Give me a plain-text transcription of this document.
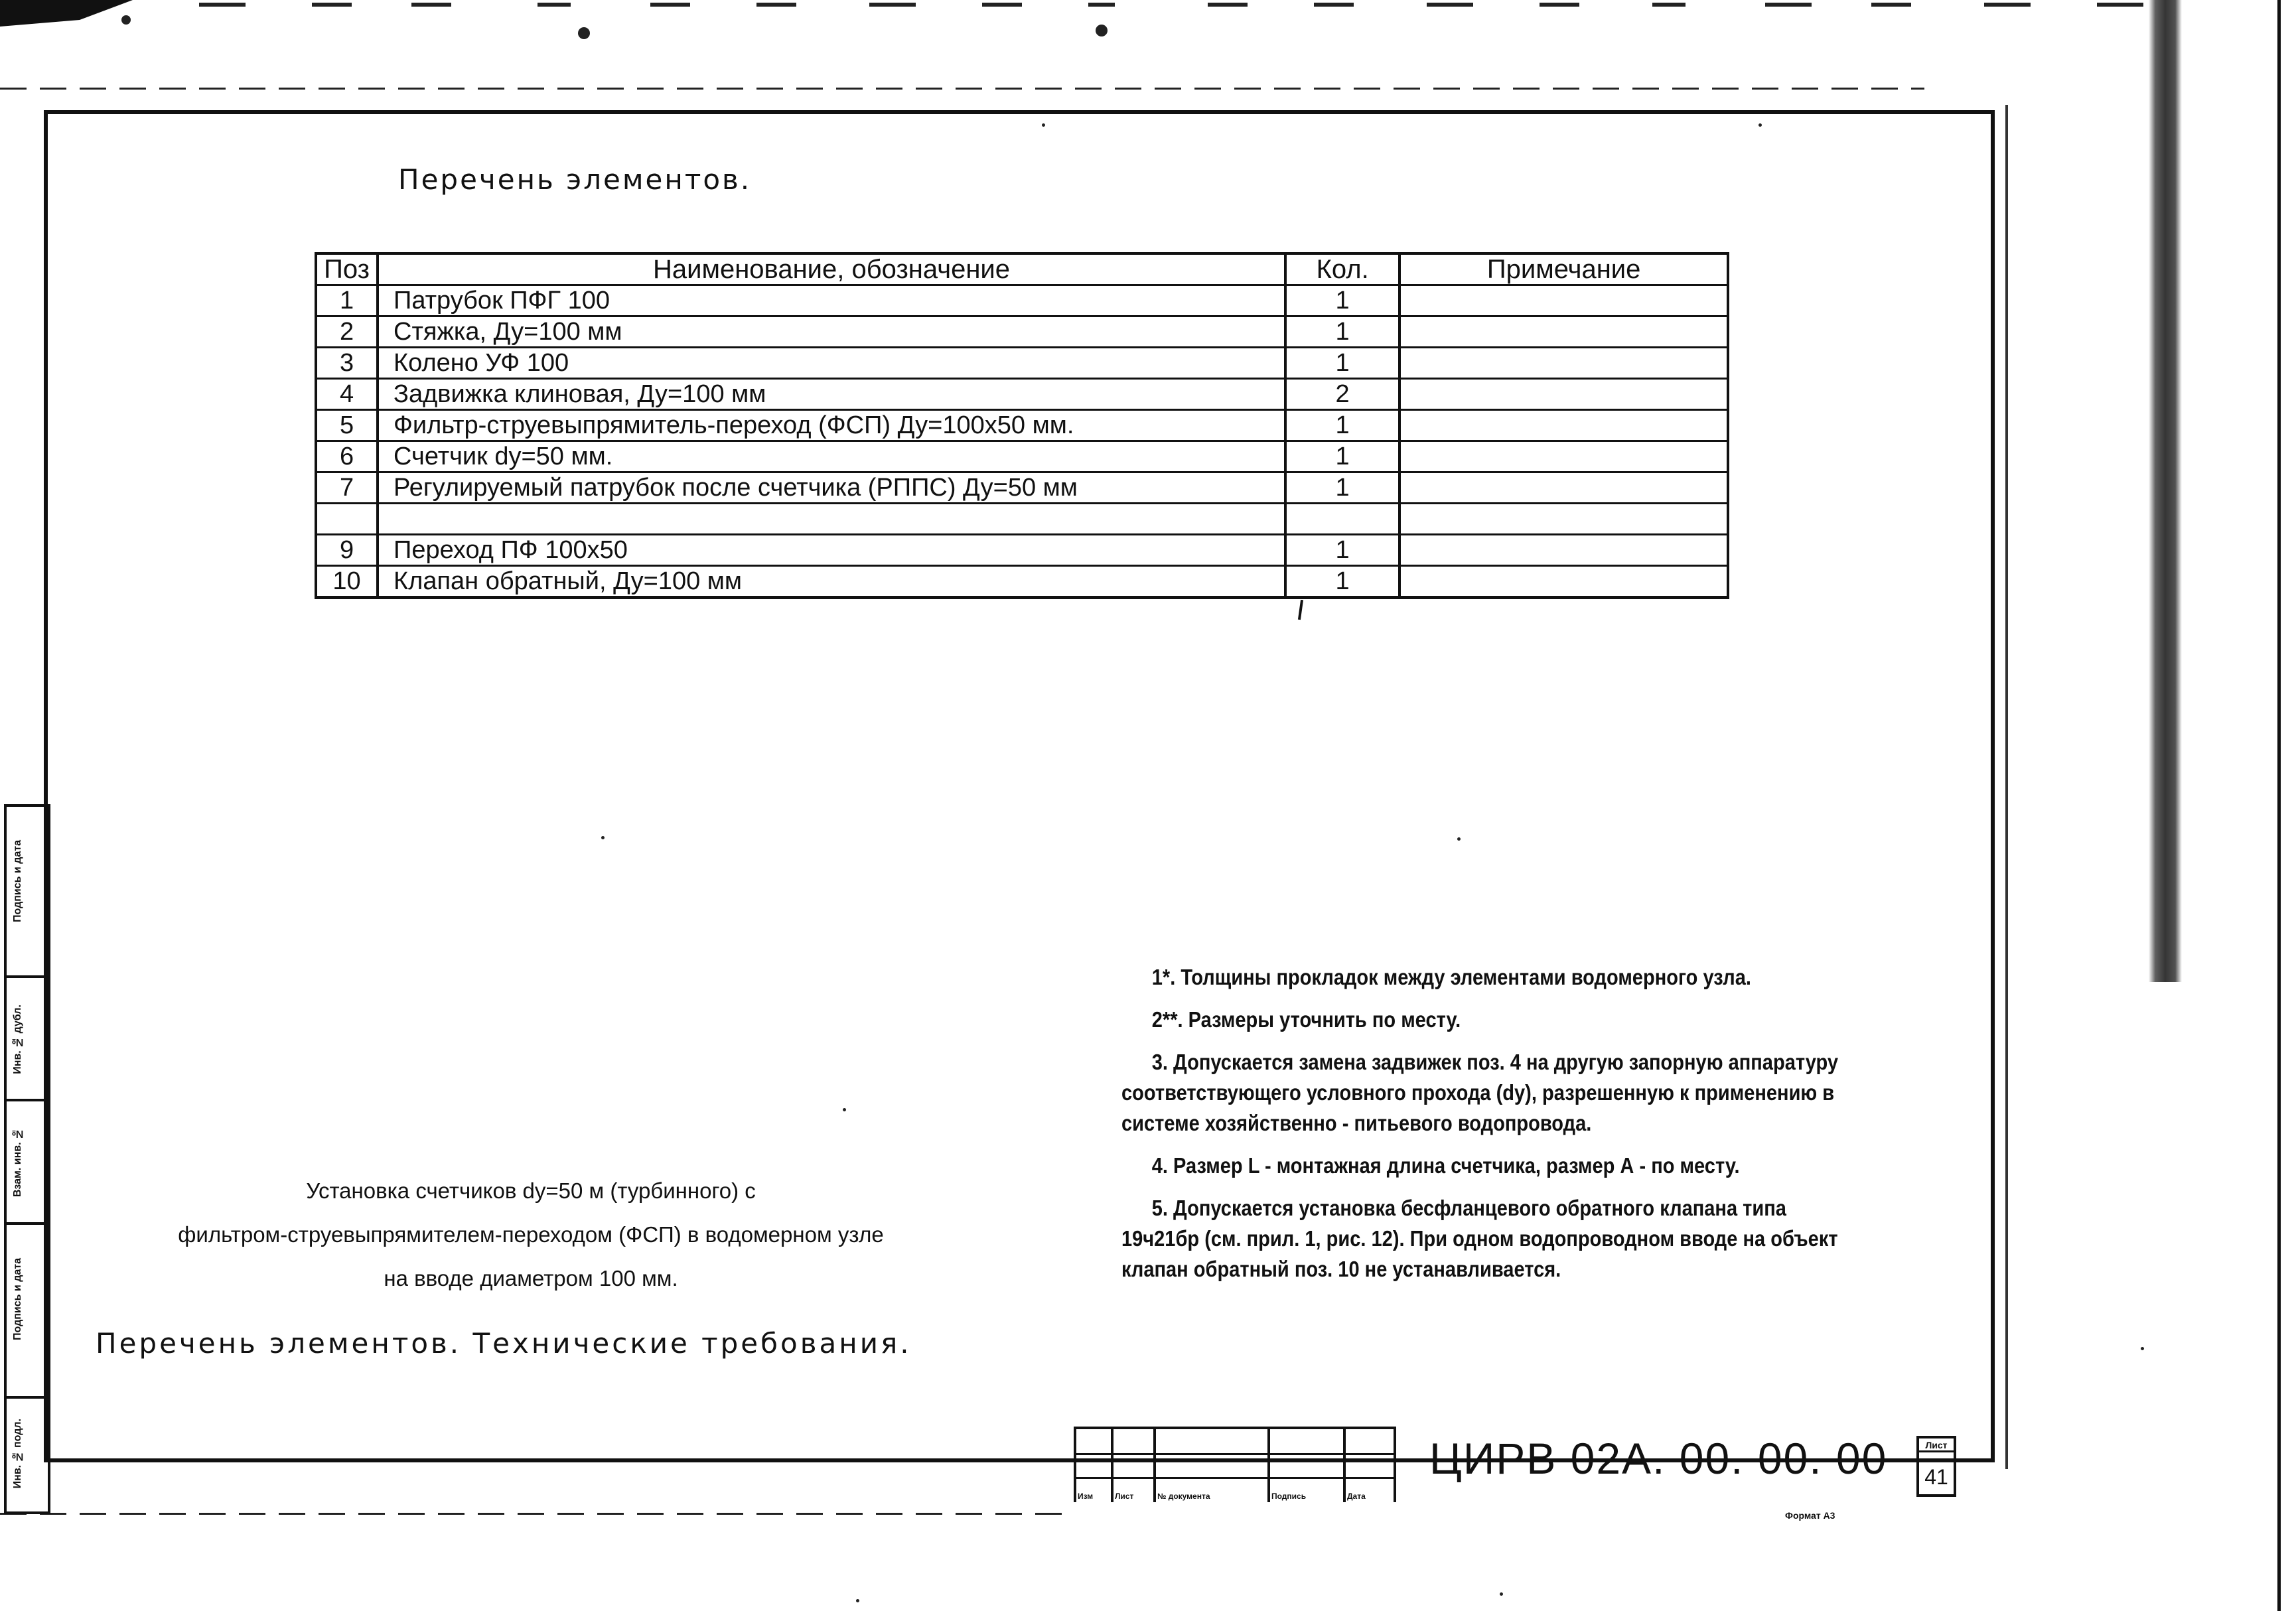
Подпись и дата
Инв. № дубл.
Взам. инв. №
Подпись и дата
Инв. № подл.
Перечень элементов.
Поз	Наименование, обозначение	Кол.	Примечание
1	Патрубок ПФГ 100	1	
2	Стяжка, Ду=100 мм	1	
3	Колено УФ 100	1	
4	Задвижка клиновая, Ду=100 мм	2	
5	Фильтр-струевыпрямитель-переход (ФСП) Ду=100х50 мм.	1	
6	Счетчик dy=50 мм.	1	
7	Регулируемый патрубок после счетчика (РППС) Ду=50 мм	1	

9	Переход ПФ 100х50	1	
10	Клапан обратный, Ду=100 мм	1	

1*. Толщины прокладок между элементами водомерного узла.

2**. Размеры уточнить по месту.

3. Допускается замена задвижек поз. 4 на другую запорную аппаратуру соответствующего условного прохода (dy), разрешенную к применению в системе хозяйственно - питьевого водопровода.

4. Размер L - монтажная длина счетчика, размер А - по месту.

5. Допускается установка бесфланцевого обратного клапана типа 19ч21бр (см. прил. 1, рис. 12). При одном водопроводном вводе на объект клапан обратный поз. 10 не устанавливается.

Установка счетчиков dy=50 м (турбинного) с
фильтром-струевыпрямителем-переходом (ФСП) в водомерном узле
на вводе диаметром 100 мм.
Перечень элементов. Технические требования.
Изм	Лист	№ документа	Подпись	Дата
ЦИРВ 02А. 00. 00. 00	Лист
41
Формат А3
